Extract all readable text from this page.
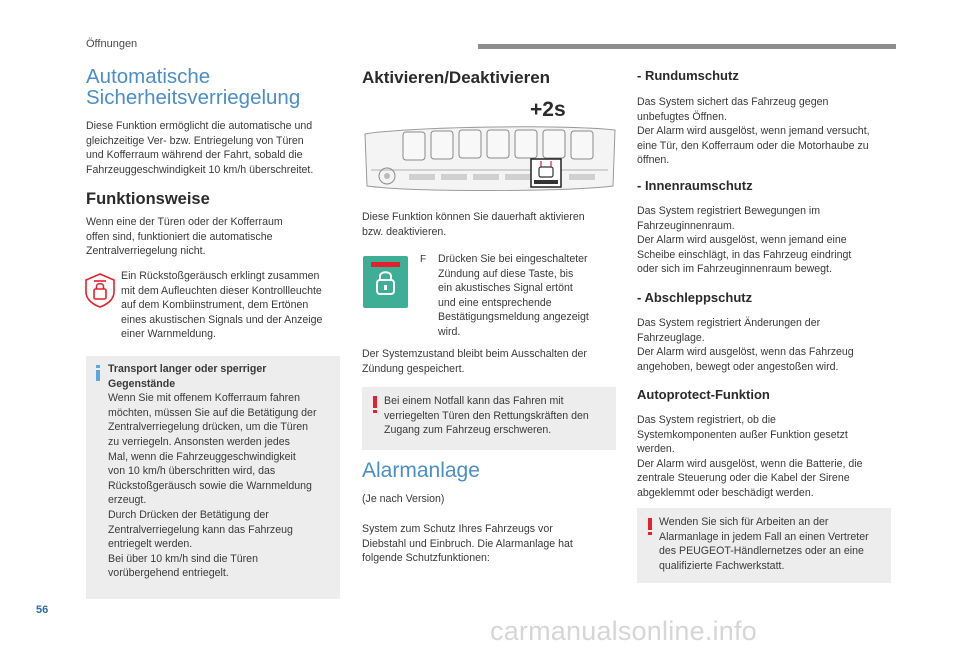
Öffnungen
Automatische
Sicherheitsverriegelung

Diese Funktion ermöglicht die automatische und

gleichzeitige Ver- bzw. Entriegelung von Türen

und Kofferraum während der Fahrt, sobald die

Fahrzeuggeschwindigkeit 10 km/h überschreitet.

Funktionsweise

Wenn eine der Türen oder der Kofferraum

offen sind, funktioniert die automatische

Zentralverriegelung nicht.

Ein Rückstoßgeräusch erklingt zusammen

mit dem Aufleuchten dieser Kontrollleuchte

auf dem Kombiinstrument, dem Ertönen

eines akustischen Signals und der Anzeige

einer Warnmeldung.

Transport langer oder sperriger

Gegenstände

Wenn Sie mit offenem Kofferraum fahren

möchten, müssen Sie auf die Betätigung der

Zentralverriegelung drücken, um die Türen

zu verriegeln. Ansonsten werden jedes

Mal, wenn die Fahrzeuggeschwindigkeit

von 10 km/h überschritten wird, das

Rückstoßgeräusch sowie die Warnmeldung

erzeugt.

Durch Drücken der Betätigung der

Zentralverriegelung kann das Fahrzeug

entriegelt werden.

Bei über 10 km/h sind die Türen

vorübergehend entriegelt.

Aktivieren/Deaktivieren
+2s

Diese Funktion können Sie dauerhaft aktivieren

bzw. deaktivieren.

F Drücken Sie bei eingeschalteter

Zündung auf diese Taste, bis

ein akustisches Signal ertönt

und eine entsprechende

Bestätigungsmeldung angezeigt

wird.

Der Systemzustand bleibt beim Ausschalten der

Zündung gespeichert.

Bei einem Notfall kann das Fahren mit

verriegelten Türen den Rettungskräften den

Zugang zum Fahrzeug erschweren.

Alarmanlage

(Je nach Version)

System zum Schutz Ihres Fahrzeugs vor

Diebstahl und Einbruch. Die Alarmanlage hat

folgende Schutzfunktionen:

- Rundumschutz

Das System sichert das Fahrzeug gegen

unbefugtes Öffnen.

Der Alarm wird ausgelöst, wenn jemand versucht,

eine Tür, den Kofferraum oder die Motorhaube zu

öffnen.

- Innenraumschutz

Das System registriert Bewegungen im

Fahrzeuginnenraum.

Der Alarm wird ausgelöst, wenn jemand eine

Scheibe einschlägt, in das Fahrzeug eindringt

oder sich im Fahrzeuginnenraum bewegt.

- Abschleppschutz

Das System registriert Änderungen der

Fahrzeuglage.

Der Alarm wird ausgelöst, wenn das Fahrzeug

angehoben, bewegt oder angestoßen wird.

Autoprotect-Funktion

Das System registriert, ob die

Systemkomponenten außer Funktion gesetzt

werden.

Der Alarm wird ausgelöst, wenn die Batterie, die

zentrale Steuerung oder die Kabel der Sirene

abgeklemmt oder beschädigt werden.

Wenden Sie sich für Arbeiten an der

Alarmanlage in jedem Fall an einen Vertreter

des PEUGEOT-Händlernetzes oder an eine

qualifizierte Fachwerkstatt.

56
carmanualsonline.info
